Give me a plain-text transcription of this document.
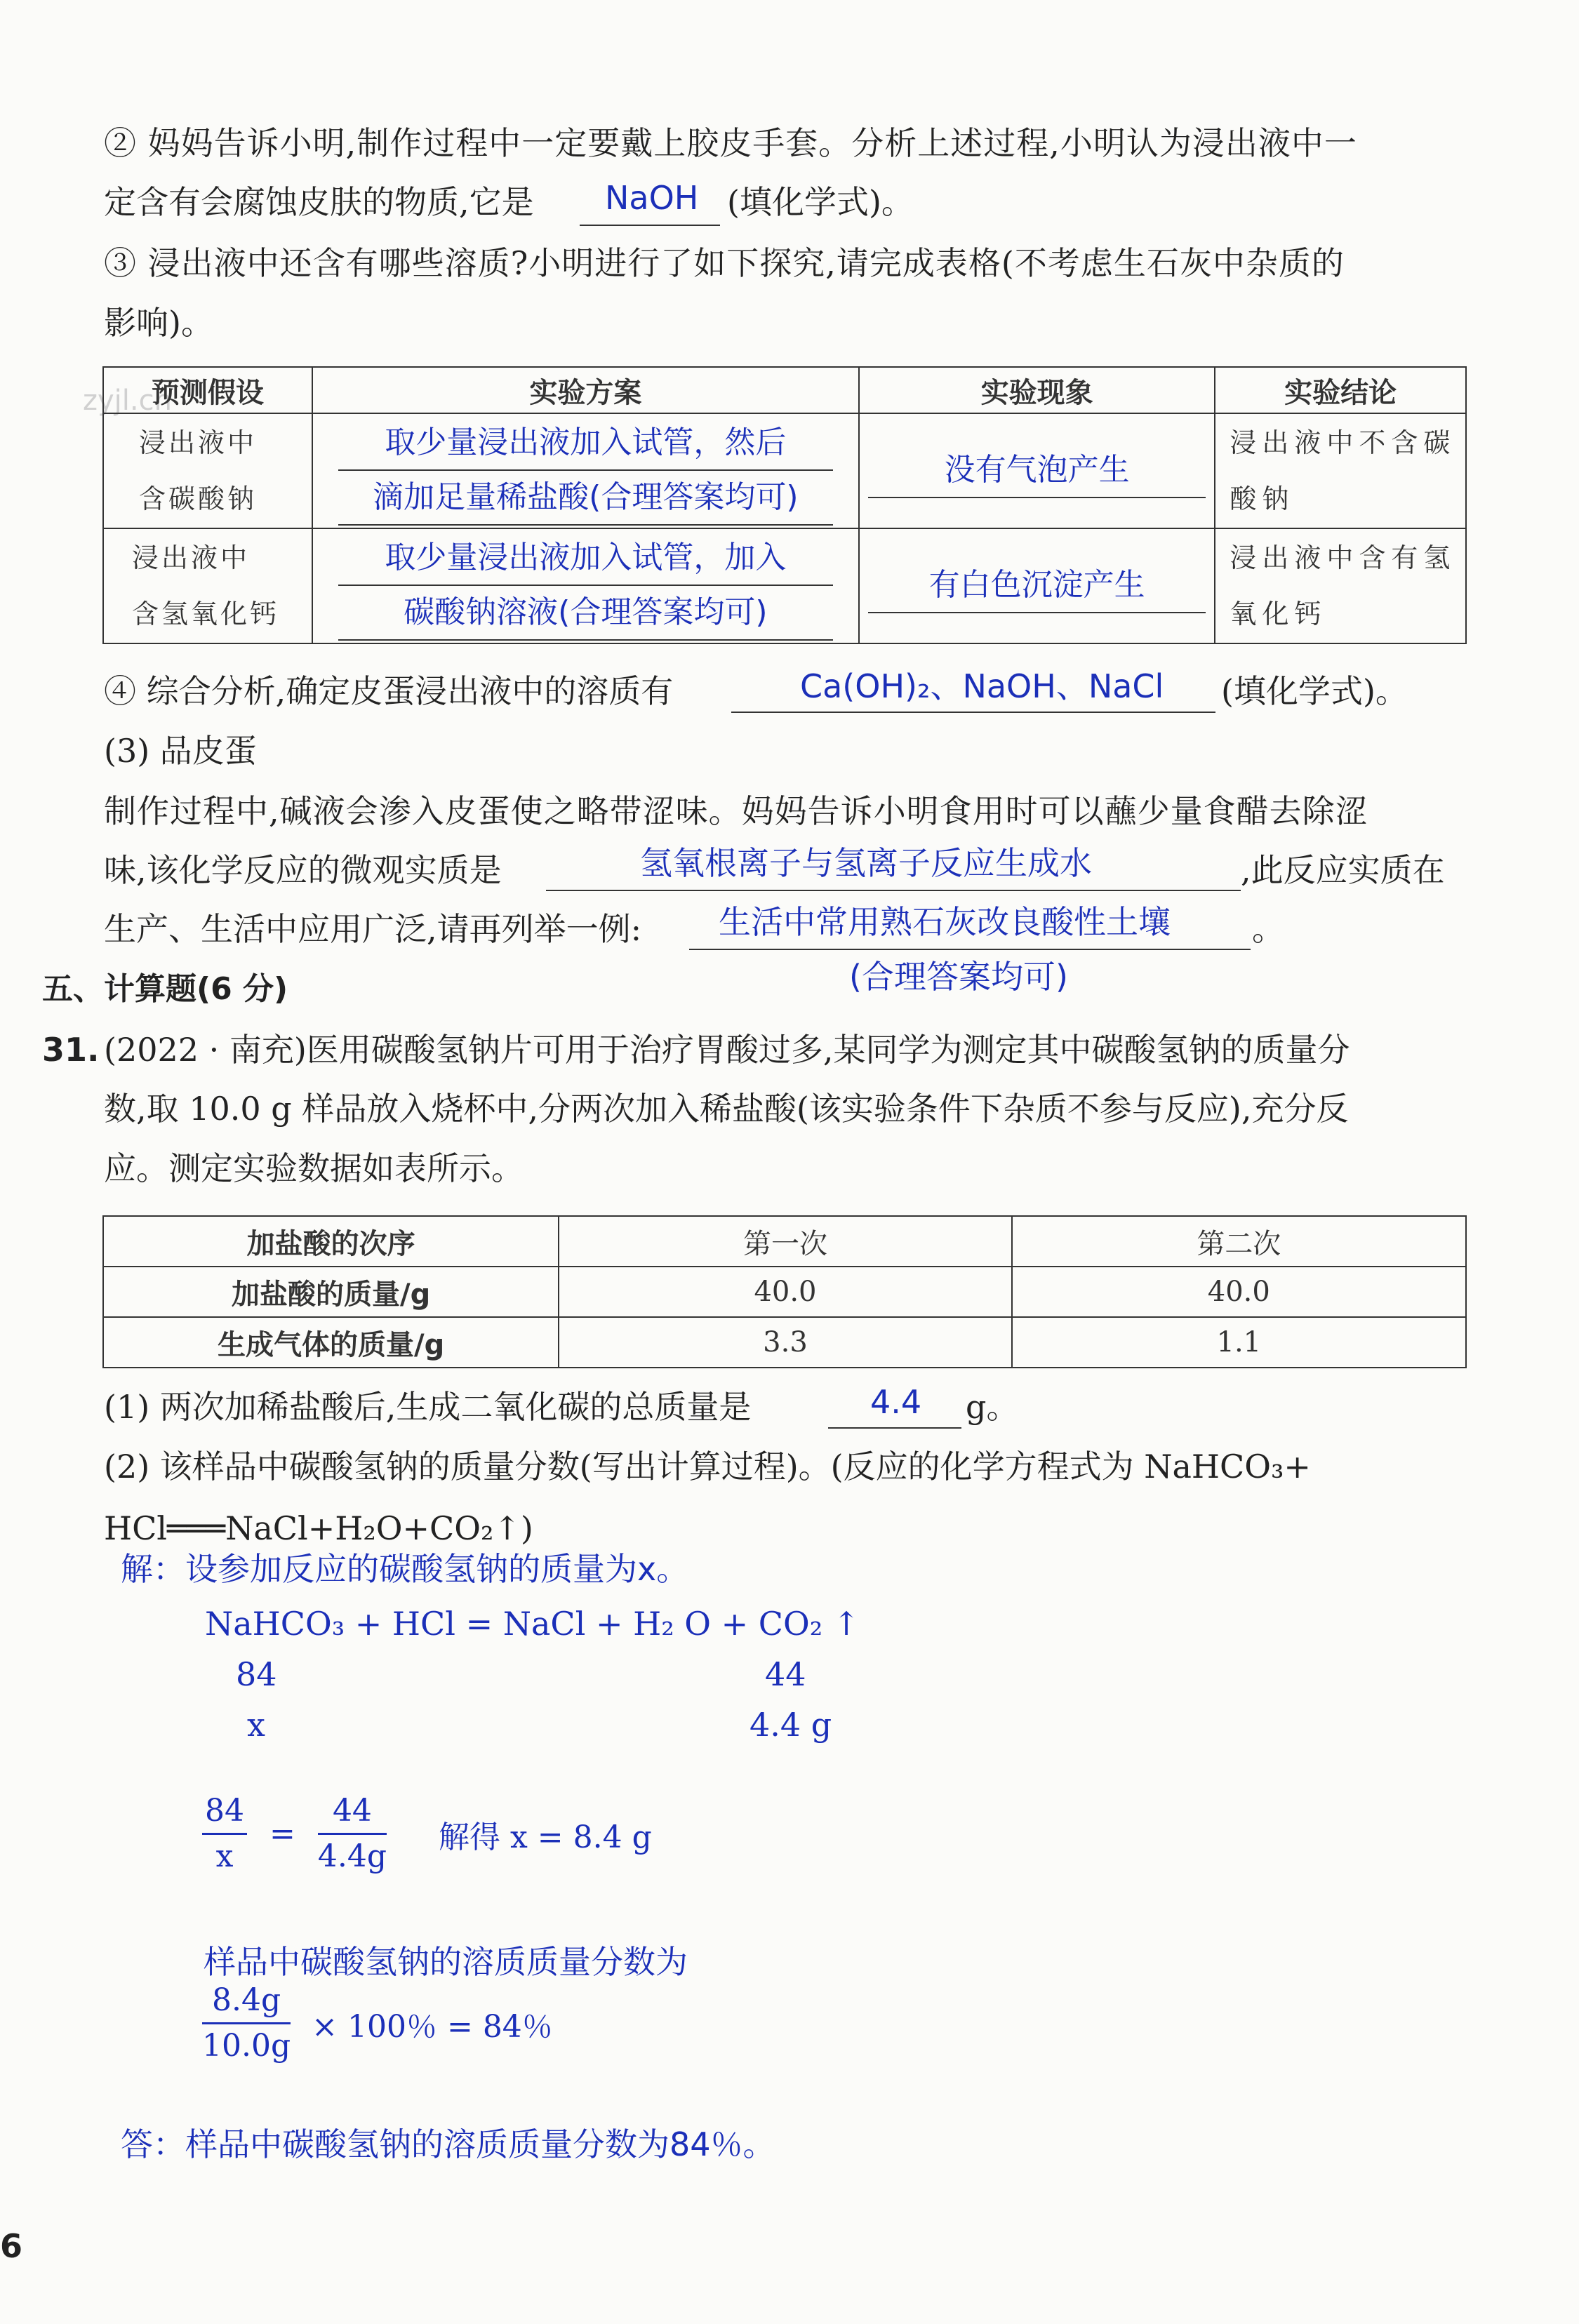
zyjl.cn
② 妈妈告诉小明,制作过程中一定要戴上胶皮手套。分析上述过程,小明认为浸出液中一
定含有会腐蚀皮肤的物质,它是 NaOH (填化学式)。
③ 浸出液中还含有哪些溶质?小明进行了如下探究,请完成表格(不考虑生石灰中杂质的
影响)。
预测假设	实验方案	实验现象	实验结论

浸出液中
含碳酸钠	取少量浸出液加入试管，然后
滴加足量稀盐酸(合理答案均可)	没有气泡产生	浸出液中不含碳
酸钠

浸出液中
含氢氧化钙	取少量浸出液加入试管，加入
碳酸钠溶液(合理答案均可)	有白色沉淀产生	浸出液中含有氢
氧化钙
④ 综合分析,确定皮蛋浸出液中的溶质有	Ca(OH)₂、NaOH、NaCl (填化学式)。
(3) 品皮蛋
制作过程中,碱液会渗入皮蛋使之略带涩味。妈妈告诉小明食用时可以蘸少量食醋去除涩
味,该化学反应的微观实质是	氢氧根离子与氢离子反应生成水	,此反应实质在
生产、生活中应用广泛,请再列举一例: 生活中常用熟石灰改良酸性土壤	。
(合理答案均可)
五、计算题(6 分)
31. (2022 · 南充)医用碳酸氢钠片可用于治疗胃酸过多,某同学为测定其中碳酸氢钠的质量分
数,取 10.0 g 样品放入烧杯中,分两次加入稀盐酸(该实验条件下杂质不参与反应),充分反
应。测定实验数据如表所示。
加盐酸的次序	第一次	第二次
加盐酸的质量/g	40.0	40.0
生成气体的质量/g	3.3	1.1
(1) 两次加稀盐酸后,生成二氧化碳的总质量是	4.4 g。
(2) 该样品中碳酸氢钠的质量分数(写出计算过程)。(反应的化学方程式为 NaHCO₃+
HCl═══NaCl+H₂O+CO₂↑)
解：设参加反应的碳酸氢钠的质量为x。
NaHCO₃ + HCl = NaCl + H₂ O + CO₂ ↑
84	44
x	4.4 g
$\frac{84}{x} = \frac{44}{4.4g}$ 解得 x = 8.4 g
样品中碳酸氢钠的溶质质量分数为
$\frac{8.4g}{10.0g} \times 100$％ = 84％
答：样品中碳酸氢钠的溶质质量分数为84％。
6
